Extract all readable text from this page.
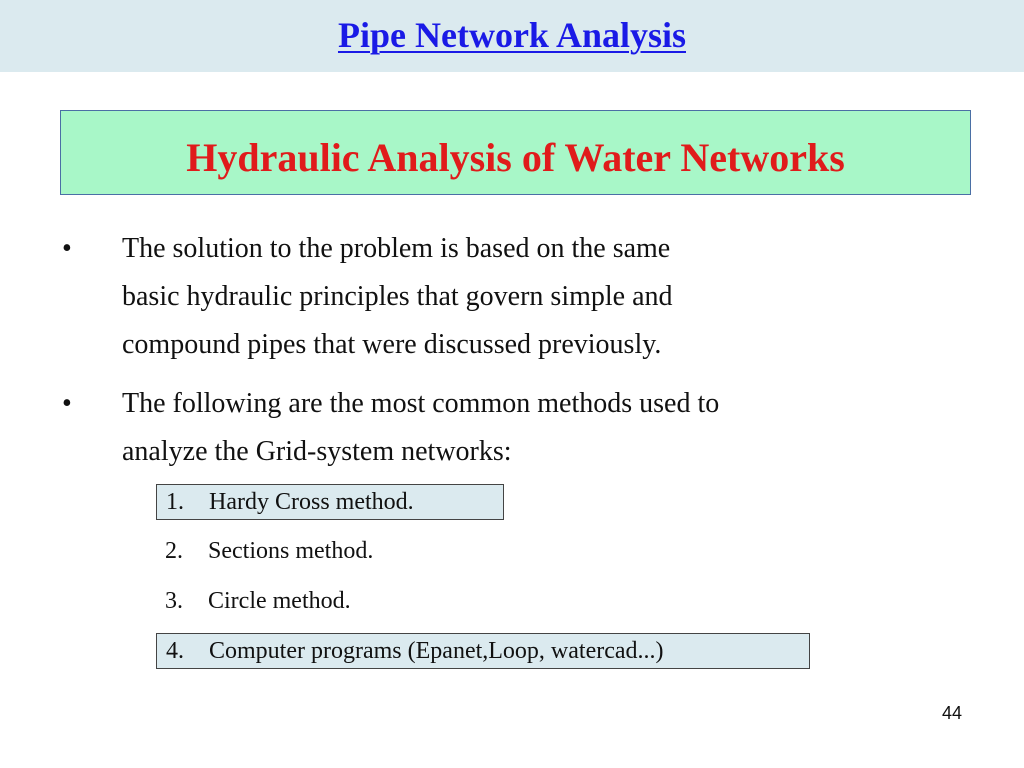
Pipe Network Analysis
Hydraulic Analysis of Water Networks
• The solution to the problem is based on the same
basic hydraulic principles that govern simple and
compound pipes that were discussed previously.
• The following are the most common methods used to
analyze the Grid-system networks:
1. Hardy Cross method.
2. Sections method.
3. Circle method.
4. Computer programs (Epanet,Loop, watercad...)
44
